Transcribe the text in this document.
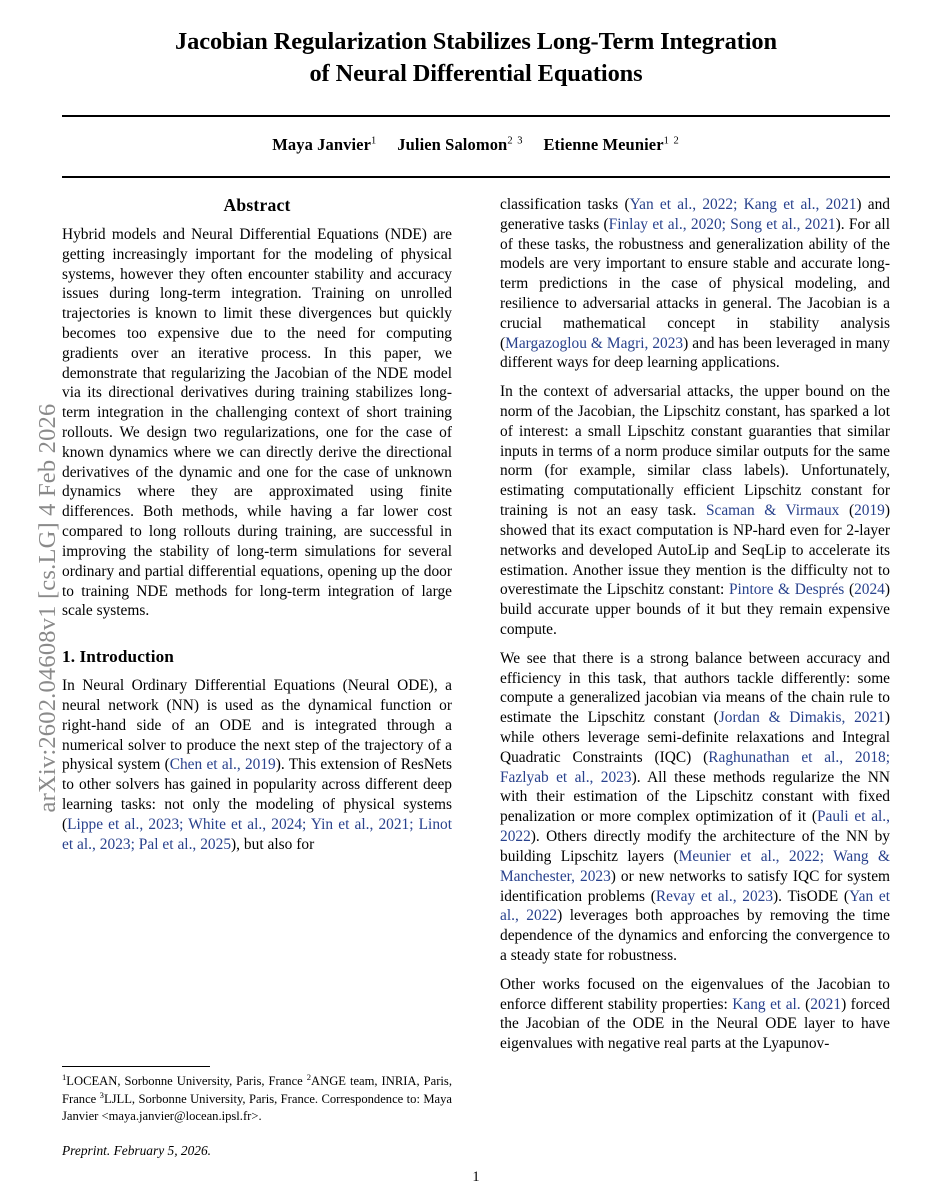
arXiv:2602.04608v1 [cs.LG] 4 Feb 2026
Jacobian Regularization Stabilizes Long-Term Integration
of Neural Differential Equations
Maya Janvier$^1$ Julien Salomon$^{2 3}$ Etienne Meunier$^{1 2}$
Abstract

Hybrid models and Neural Differential Equations (NDE) are getting increasingly important for the modeling of physical systems, however they often encounter stability and accuracy issues during long-term integration. Training on unrolled trajectories is known to limit these divergences but quickly becomes too expensive due to the need for computing gradients over an iterative process. In this paper, we demonstrate that regularizing the Jacobian of the NDE model via its directional derivatives during training stabilizes long-term integration in the challenging context of short training rollouts. We design two regularizations, one for the case of known dynamics where we can directly derive the directional derivatives of the dynamic and one for the case of unknown dynamics where they are approximated using finite differences. Both methods, while having a far lower cost compared to long rollouts during training, are successful in improving the stability of long-term simulations for several ordinary and partial differential equations, opening up the door to training NDE methods for long-term integration of large scale systems.

1. Introduction

In Neural Ordinary Differential Equations (Neural ODE), a neural network (NN) is used as the dynamical function or right-hand side of an ODE and is integrated through a numerical solver to produce the next step of the trajectory of a physical system (Chen et al., 2019). This extension of ResNets to other solvers has gained in popularity across different deep learning tasks: not only the modeling of physical systems (Lippe et al., 2023; White et al., 2024; Yin et al., 2021; Linot et al., 2023; Pal et al., 2025), but also for

$^1$LOCEAN, Sorbonne University, Paris, France $^2$ANGE team, INRIA, Paris, France $^3$LJLL, Sorbonne University, Paris, France. Correspondence to: Maya Janvier <maya.janvier@locean.ipsl.fr>.

Preprint. February 5, 2026.

classification tasks (Yan et al., 2022; Kang et al., 2021) and generative tasks (Finlay et al., 2020; Song et al., 2021). For all of these tasks, the robustness and generalization ability of the models are very important to ensure stable and accurate long-term predictions in the case of physical modeling, and resilience to adversarial attacks in general. The Jacobian is a crucial mathematical concept in stability analysis (Margazoglou & Magri, 2023) and has been leveraged in many different ways for deep learning applications.

In the context of adversarial attacks, the upper bound on the norm of the Jacobian, the Lipschitz constant, has sparked a lot of interest: a small Lipschitz constant guaranties that similar inputs in terms of a norm produce similar outputs for the same norm (for example, similar class labels). Unfortunately, estimating computationally efficient Lipschitz constant for training is not an easy task. Scaman & Virmaux (2019) showed that its exact computation is NP-hard even for 2-layer networks and developed AutoLip and SeqLip to accelerate its estimation. Another issue they mention is the difficulty not to overestimate the Lipschitz constant: Pintore & Després (2024) build accurate upper bounds of it but they remain expensive compute.

We see that there is a strong balance between accuracy and efficiency in this task, that authors tackle differently: some compute a generalized jacobian via means of the chain rule to estimate the Lipschitz constant (Jordan & Dimakis, 2021) while others leverage semi-definite relaxations and Integral Quadratic Constraints (IQC) (Raghunathan et al., 2018; Fazlyab et al., 2023). All these methods regularize the NN with their estimation of the Lipschitz constant with fixed penalization or more complex optimization of it (Pauli et al., 2022). Others directly modify the architecture of the NN by building Lipschitz layers (Meunier et al., 2022; Wang & Manchester, 2023) or new networks to satisfy IQC for system identification problems (Revay et al., 2023). TisODE (Yan et al., 2022) leverages both approaches by removing the time dependence of the dynamics and enforcing the convergence to a steady state for robustness.

Other works focused on the eigenvalues of the Jacobian to enforce different stability properties: Kang et al. (2021) forced the Jacobian of the ODE in the Neural ODE layer to have eigenvalues with negative real parts at the Lyapunov-

1
